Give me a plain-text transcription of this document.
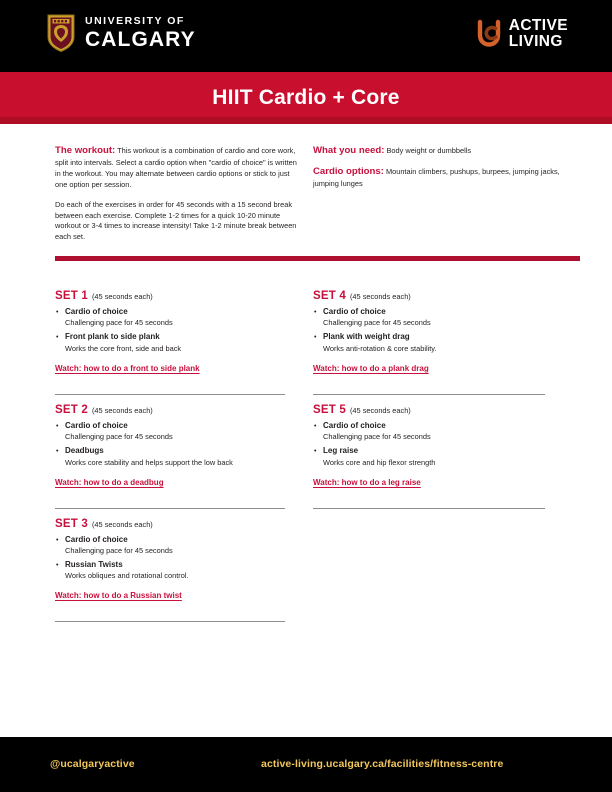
UNIVERSITY OF
CALGARY
ACTIVE
LIVING
HIIT Cardio + Core

The workout: This workout is a combination of cardio and core work, split into intervals. Select a cardio option when "cardio of choice" is written in the workout. You may alternate between cardio options or stick to just one option per session.

Do each of the exercises in order for 45 seconds with a 15 second break between each exercise. Complete 1-2 times for a quick 10-20 minute workout or 3-4 times to increase intensity! Take 1-2 minute break between each set.

What you need: Body weight or dumbbells

Cardio options: Mountain climbers, pushups, burpees, jumping jacks, jumping lunges

SET 1 (45 seconds each)
• Cardio of choice
Challenging pace for 45 seconds
• Front plank to side plank
Works the core front, side and back
Watch: how to do a front to side plank
SET 2 (45 seconds each)
• Cardio of choice
Challenging pace for 45 seconds
• Deadbugs
Works core stability and helps support the low back
Watch: how to do a deadbug
SET 3 (45 seconds each)
• Cardio of choice
Challenging pace for 45 seconds
• Russian Twists
Works obliques and rotational control.
Watch: how to do a Russian twist
SET 4 (45 seconds each)
• Cardio of choice
Challenging pace for 45 seconds
• Plank with weight drag
Works anti-rotation & core stability.
Watch: how to do a plank drag
SET 5 (45 seconds each)
• Cardio of choice
Challenging pace for 45 seconds
• Leg raise
Works core and hip flexor strength
Watch: how to do a leg raise
@ucalgaryactive	active-living.ucalgary.ca/facilities/fitness-centre
